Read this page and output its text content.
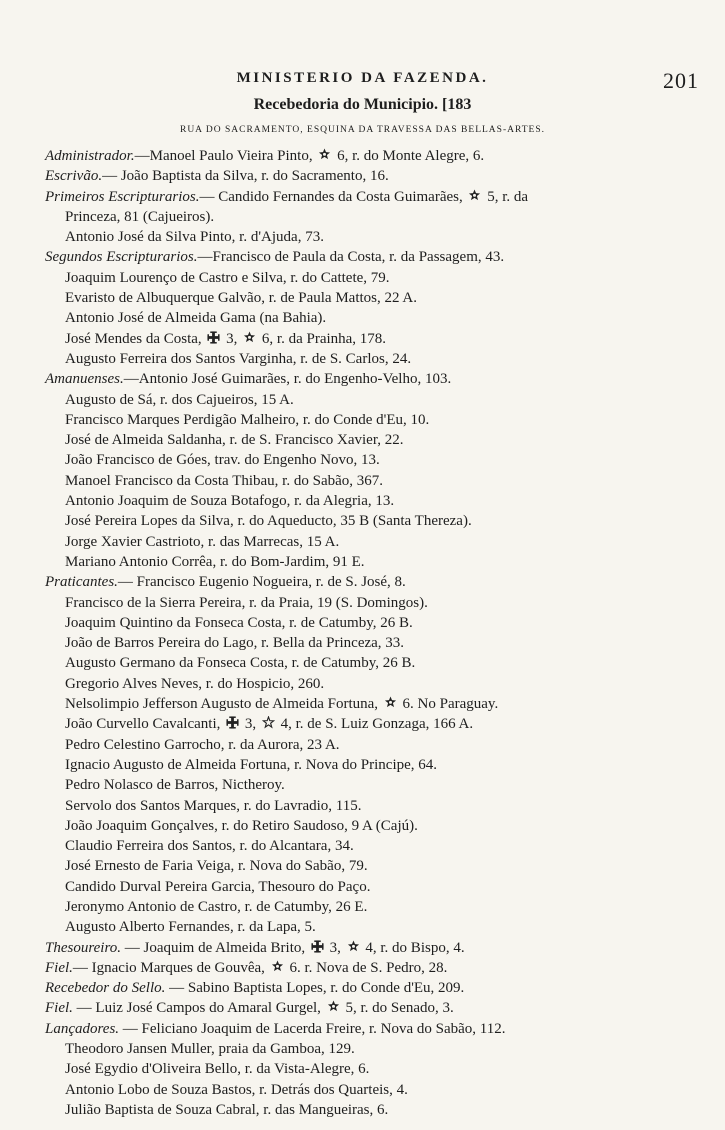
MINISTERIO DA FAZENDA.	201
Recebedoria do Municipio. [183
RUA DO SACRAMENTO, ESQUINA DA TRAVESSA DAS BELLAS-ARTES.
Administrador.—Manoel Paulo Vieira Pinto,  6, r. do Monte Alegre, 6.
Escrivão.— João Baptista da Silva, r. do Sacramento, 16.
Primeiros Escripturarios.— Candido Fernandes da Costa Guimarães,  5, r. da
Princeza, 81 (Cajueiros).
Antonio José da Silva Pinto, r. d'Ajuda, 73.
Segundos Escripturarios.—Francisco de Paula da Costa, r. da Passagem, 43.
Joaquim Lourenço de Castro e Silva, r. do Cattete, 79.
Evaristo de Albuquerque Galvão, r. de Paula Mattos, 22 A.
Antonio José de Almeida Gama (na Bahia).
José Mendes da Costa,  3,  6, r. da Prainha, 178.
Augusto Ferreira dos Santos Varginha, r. de S. Carlos, 24.
Amanuenses.—Antonio José Guimarães, r. do Engenho-Velho, 103.
Augusto de Sá, r. dos Cajueiros, 15 A.
Francisco Marques Perdigão Malheiro, r. do Conde d'Eu, 10.
José de Almeida Saldanha, r. de S. Francisco Xavier, 22.
João Francisco de Góes, trav. do Engenho Novo, 13.
Manoel Francisco da Costa Thibau, r. do Sabão, 367.
Antonio Joaquim de Souza Botafogo, r. da Alegria, 13.
José Pereira Lopes da Silva, r. do Aqueducto, 35 B (Santa Thereza).
Jorge Xavier Castrioto, r. das Marrecas, 15 A.
Mariano Antonio Corrêa, r. do Bom-Jardim, 91 E.
Praticantes.— Francisco Eugenio Nogueira, r. de S. José, 8.
Francisco de la Sierra Pereira, r. da Praia, 19 (S. Domingos).
Joaquim Quintino da Fonseca Costa, r. de Catumby, 26 B.
João de Barros Pereira do Lago, r. Bella da Princeza, 33.
Augusto Germano da Fonseca Costa, r. de Catumby, 26 B.
Gregorio Alves Neves, r. do Hospicio, 260.
Nelsolimpio Jefferson Augusto de Almeida Fortuna,  6. No Paraguay.
João Curvello Cavalcanti,  3,  4, r. de S. Luiz Gonzaga, 166 A.
Pedro Celestino Garrocho, r. da Aurora, 23 A.
Ignacio Augusto de Almeida Fortuna, r. Nova do Principe, 64.
Pedro Nolasco de Barros, Nictheroy.
Servolo dos Santos Marques, r. do Lavradio, 115.
João Joaquim Gonçalves, r. do Retiro Saudoso, 9 A (Cajú).
Claudio Ferreira dos Santos, r. do Alcantara, 34.
José Ernesto de Faria Veiga, r. Nova do Sabão, 79.
Candido Durval Pereira Garcia, Thesouro do Paço.
Jeronymo Antonio de Castro, r. de Catumby, 26 E.
Augusto Alberto Fernandes, r. da Lapa, 5.
Thesoureiro. — Joaquim de Almeida Brito,  3,  4, r. do Bispo, 4.
Fiel.— Ignacio Marques de Gouvêa,  6. r. Nova de S. Pedro, 28.
Recebedor do Sello. — Sabino Baptista Lopes, r. do Conde d'Eu, 209.
Fiel. — Luiz José Campos do Amaral Gurgel,  5, r. do Senado, 3.
Lançadores. — Feliciano Joaquim de Lacerda Freire, r. Nova do Sabão, 112.
Theodoro Jansen Muller, praia da Gamboa, 129.
José Egydio d'Oliveira Bello, r. da Vista-Alegre, 6.
Antonio Lobo de Souza Bastos, r. Detrás dos Quarteis, 4.
Julião Baptista de Souza Cabral, r. das Mangueiras, 6.
